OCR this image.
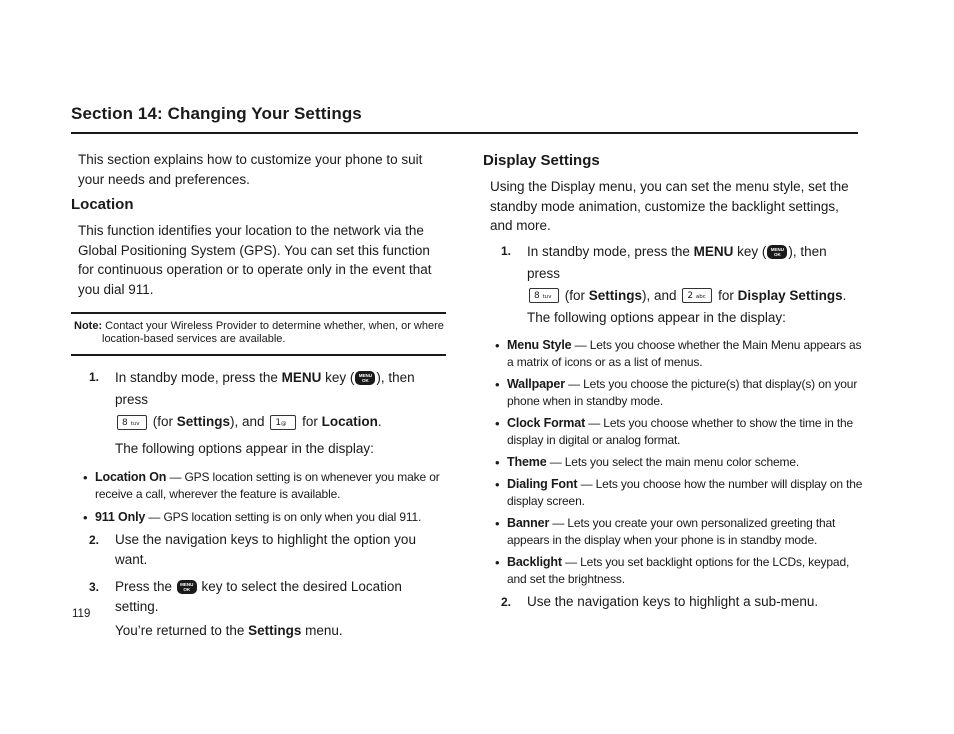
Section 14: Changing Your Settings

This section explains how to customize your phone to suit your needs and preferences.

Location

This function identifies your location to the network via the Global Positioning System (GPS). You can set this function for continuous operation or to operate only in the event that you dial 911.

Note: Contact your Wireless Provider to determine whether, when, or where location-based services are available.

1. In standby mode, press the MENU key ( MENU
OK ), then press
8 tuv (for Settings), and 1@ for Location.
The following options appear in the display:
• Location On — GPS location setting is on whenever you make or receive a call, wherever the feature is available.
• 911 Only — GPS location setting is on only when you dial 911.
2. Use the navigation keys to highlight the option you want.
3. Press the MENU
OK key to select the desired Location setting.
You’re returned to the Settings menu.
Display Settings

Using the Display menu, you can set the menu style, set the standby mode animation, customize the backlight settings, and more.

1. In standby mode, press the MENU key ( MENU
OK ), then press
8 tuv (for Settings), and 2 abc for Display Settings. The following options appear in the display:
• Menu Style — Lets you choose whether the Main Menu appears as a matrix of icons or as a list of menus.
• Wallpaper — Lets you choose the picture(s) that display(s) on your phone when in standby mode.
• Clock Format — Lets you choose whether to show the time in the display in digital or analog format.
• Theme — Lets you select the main menu color scheme.
• Dialing Font — Lets you choose how the number will display on the display screen.
• Banner — Lets you create your own personalized greeting that appears in the display when your phone is in standby mode.
• Backlight — Lets you set backlight options for the LCDs, keypad, and set the brightness.
2. Use the navigation keys to highlight a sub-menu.
119
